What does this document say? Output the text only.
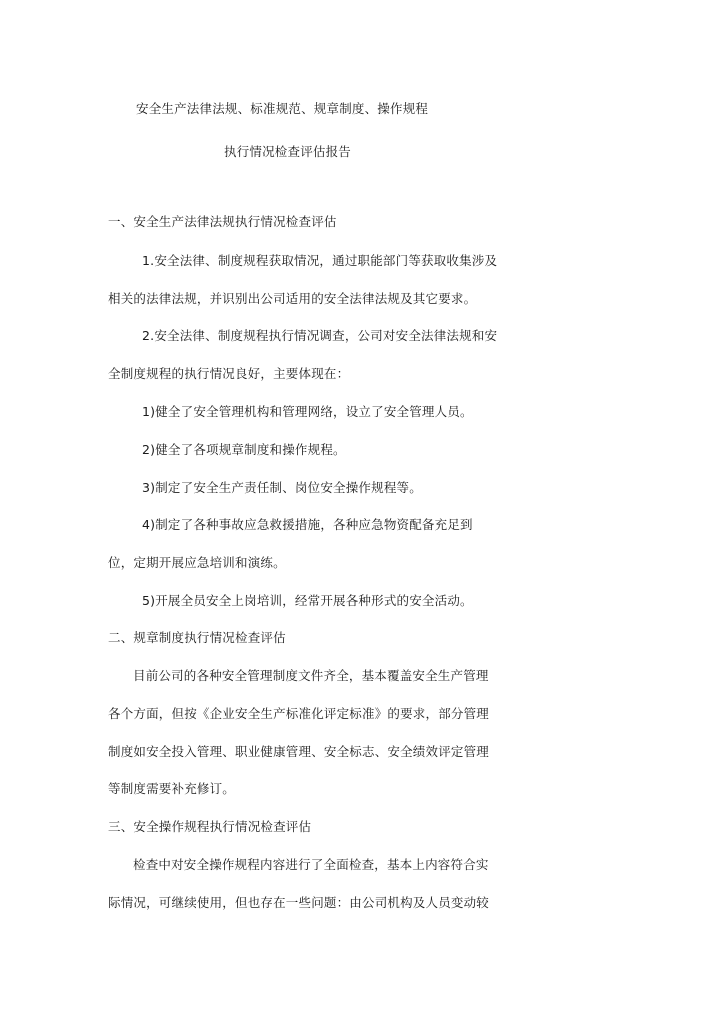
安全生产法律法规、标准规范、规章制度、操作规程
执行情况检查评估报告
一、安全生产法律法规执行情况检查评估
1.安全法律、制度规程获取情况，通过职能部门等获取收集涉及
相关的法律法规，并识别出公司适用的安全法律法规及其它要求。
2.安全法律、制度规程执行情况调查，公司对安全法律法规和安
全制度规程的执行情况良好，主要体现在：
1)健全了安全管理机构和管理网络，设立了安全管理人员。
2)健全了各项规章制度和操作规程。
3)制定了安全生产责任制、岗位安全操作规程等。
4)制定了各种事故应急救援措施，各种应急物资配备充足到
位，定期开展应急培训和演练。
5)开展全员安全上岗培训，经常开展各种形式的安全活动。
二、规章制度执行情况检查评估
目前公司的各种安全管理制度文件齐全，基本覆盖安全生产管理
各个方面，但按《企业安全生产标准化评定标准》的要求，部分管理
制度如安全投入管理、职业健康管理、安全标志、安全绩效评定管理
等制度需要补充修订。
三、安全操作规程执行情况检查评估
检查中对安全操作规程内容进行了全面检查，基本上内容符合实
际情况，可继续使用，但也存在一些问题：由公司机构及人员变动较
